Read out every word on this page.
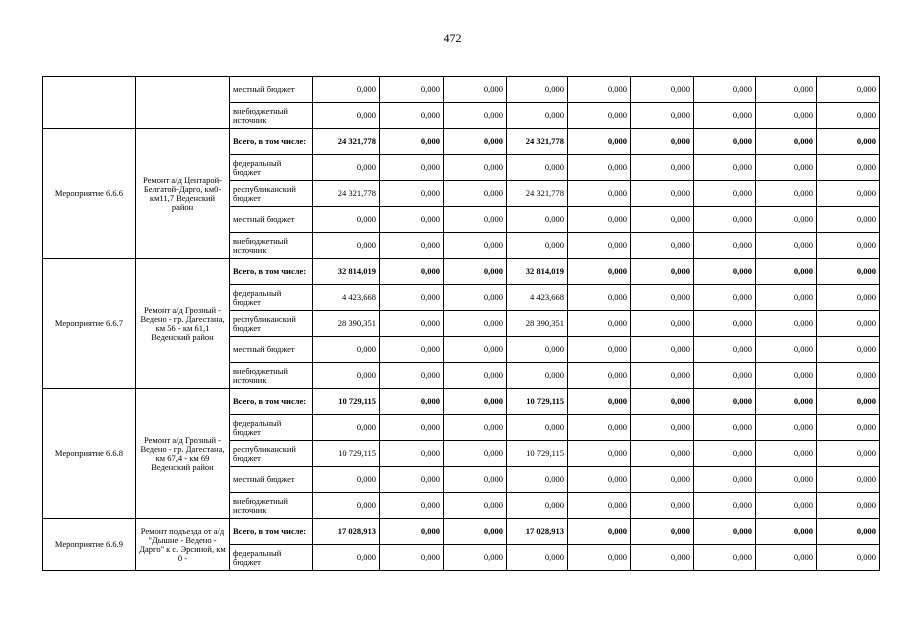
472
		местный бюджет	0,000	0,000	0,000	0,000	0,000	0,000	0,000	0,000	0,000
		внебюджетный источник	0,000	0,000	0,000	0,000	0,000	0,000	0,000	0,000	0,000
Мероприятие 6.6.6	Ремонт а/д Центарой-Белгатой-Дарго, км0-км11,7 Веденский район	Всего, в том числе:	24 321,778	0,000	0,000	24 321,778	0,000	0,000	0,000	0,000	0,000
		федеральный бюджет	0,000	0,000	0,000	0,000	0,000	0,000	0,000	0,000	0,000
		республиканский бюджет	24 321,778	0,000	0,000	24 321,778	0,000	0,000	0,000	0,000	0,000
		местный бюджет	0,000	0,000	0,000	0,000	0,000	0,000	0,000	0,000	0,000
		внебюджетный источник	0,000	0,000	0,000	0,000	0,000	0,000	0,000	0,000	0,000
Мероприятие 6.6.7	Ремонт а/д Грозный - Ведено - гр. Дагестана, км 56 - км 61,1 Веденский район	Всего, в том числе:	32 814,019	0,000	0,000	32 814,019	0,000	0,000	0,000	0,000	0,000
		федеральный бюджет	4 423,668	0,000	0,000	4 423,668	0,000	0,000	0,000	0,000	0,000
		республиканский бюджет	28 390,351	0,000	0,000	28 390,351	0,000	0,000	0,000	0,000	0,000
		местный бюджет	0,000	0,000	0,000	0,000	0,000	0,000	0,000	0,000	0,000
		внебюджетный источник	0,000	0,000	0,000	0,000	0,000	0,000	0,000	0,000	0,000
Мероприятие 6.6.8	Ремонт а/д Грозный - Ведено - гр. Дагестана, км 67,4 - км 69 Веденский район	Всего, в том числе:	10 729,115	0,000	0,000	10 729,115	0,000	0,000	0,000	0,000	0,000
		федеральный бюджет	0,000	0,000	0,000	0,000	0,000	0,000	0,000	0,000	0,000
		республиканский бюджет	10 729,115	0,000	0,000	10 729,115	0,000	0,000	0,000	0,000	0,000
		местный бюджет	0,000	0,000	0,000	0,000	0,000	0,000	0,000	0,000	0,000
		внебюджетный источник	0,000	0,000	0,000	0,000	0,000	0,000	0,000	0,000	0,000
Мероприятие 6.6.9	Ремонт подъезда от а/д "Дышне - Ведено - Дарго" к с. Эрсиной, км 0 -	Всего, в том числе:	17 028,913	0,000	0,000	17 028,913	0,000	0,000	0,000	0,000	0,000
		федеральный бюджет	0,000	0,000	0,000	0,000	0,000	0,000	0,000	0,000	0,000
